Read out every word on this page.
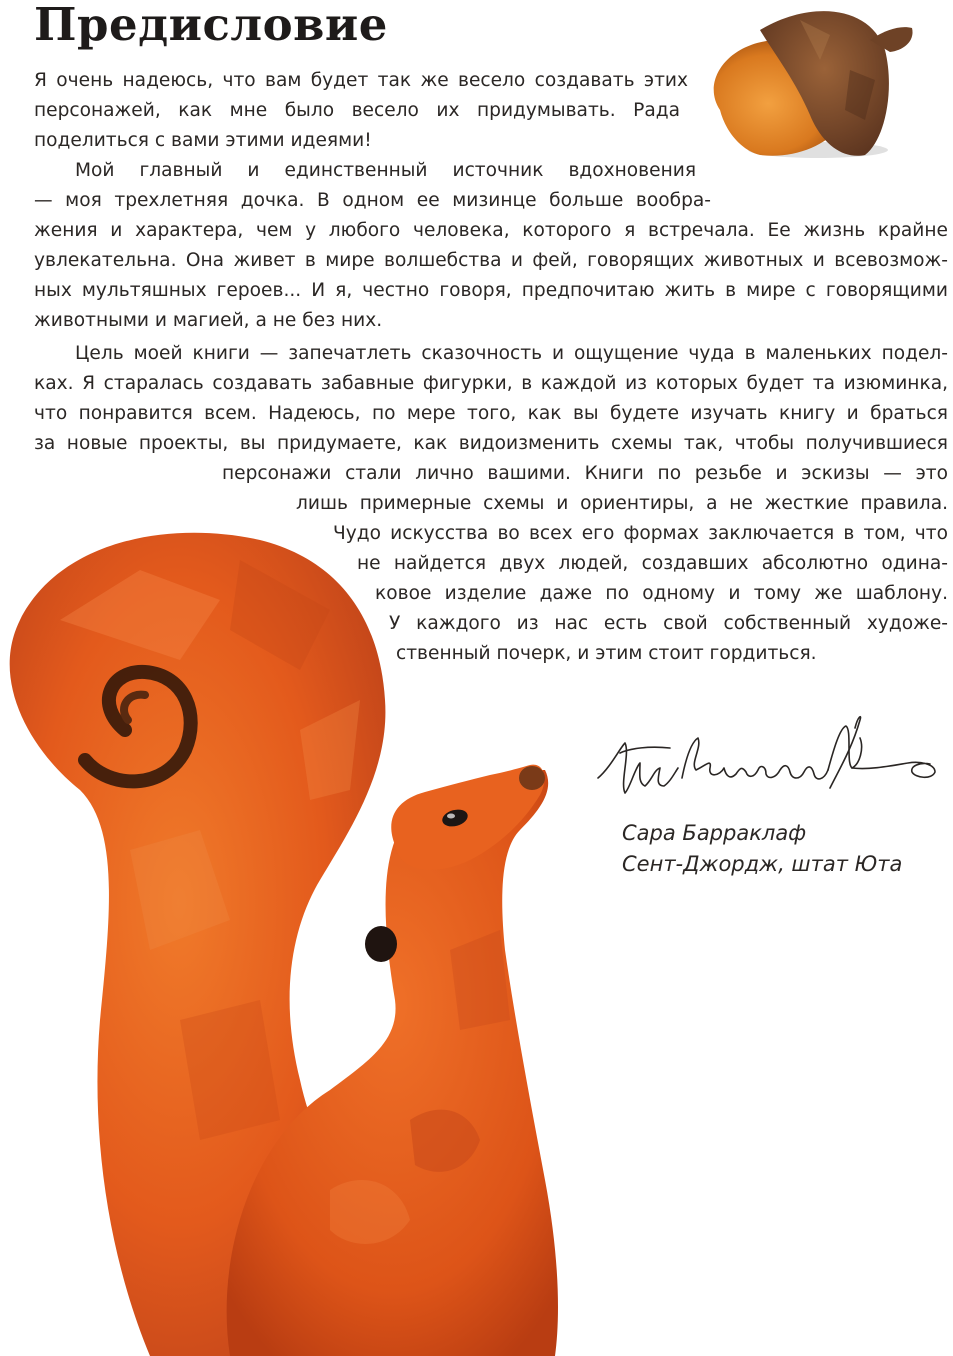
Предисловие

Я очень надеюсь, что вам будет так же весело создавать этих

персонажей, как мне было весело их придумывать. Рада

поделиться с вами этими идеями!

Мой главный и единственный источник вдохновения

— моя трехлетняя дочка. В одном ее мизинце больше вообра-

жения и характера, чем у любого человека, которого я встречала. Ее жизнь крайне

увлекательна. Она живет в мире волшебства и фей, говорящих животных и всевозмож-

ных мультяшных героев... И я, честно говоря, предпочитаю жить в мире с говорящими

животными и магией, а не без них.

Цель моей книги — запечатлеть сказочность и ощущение чуда в маленьких подел-

ках. Я старалась создавать забавные фигурки, в каждой из которых будет та изюминка,

что понравится всем. Надеюсь, по мере того, как вы будете изучать книгу и браться

за новые проекты, вы придумаете, как видоизменить схемы так, чтобы получившиеся

персонажи стали лично вашими. Книги по резьбе и эскизы — это

лишь примерные схемы и ориентиры, а не жесткие правила.

Чудо искусства во всех его формах заключается в том, что

не найдется двух людей, создавших абсолютно одина-

ковое изделие даже по одному и тому же шаблону.

У каждого из нас есть свой собственный художе-

ственный почерк, и этим стоит гордиться.

Сара Барраклаф

Сент-Джордж, штат Юта
